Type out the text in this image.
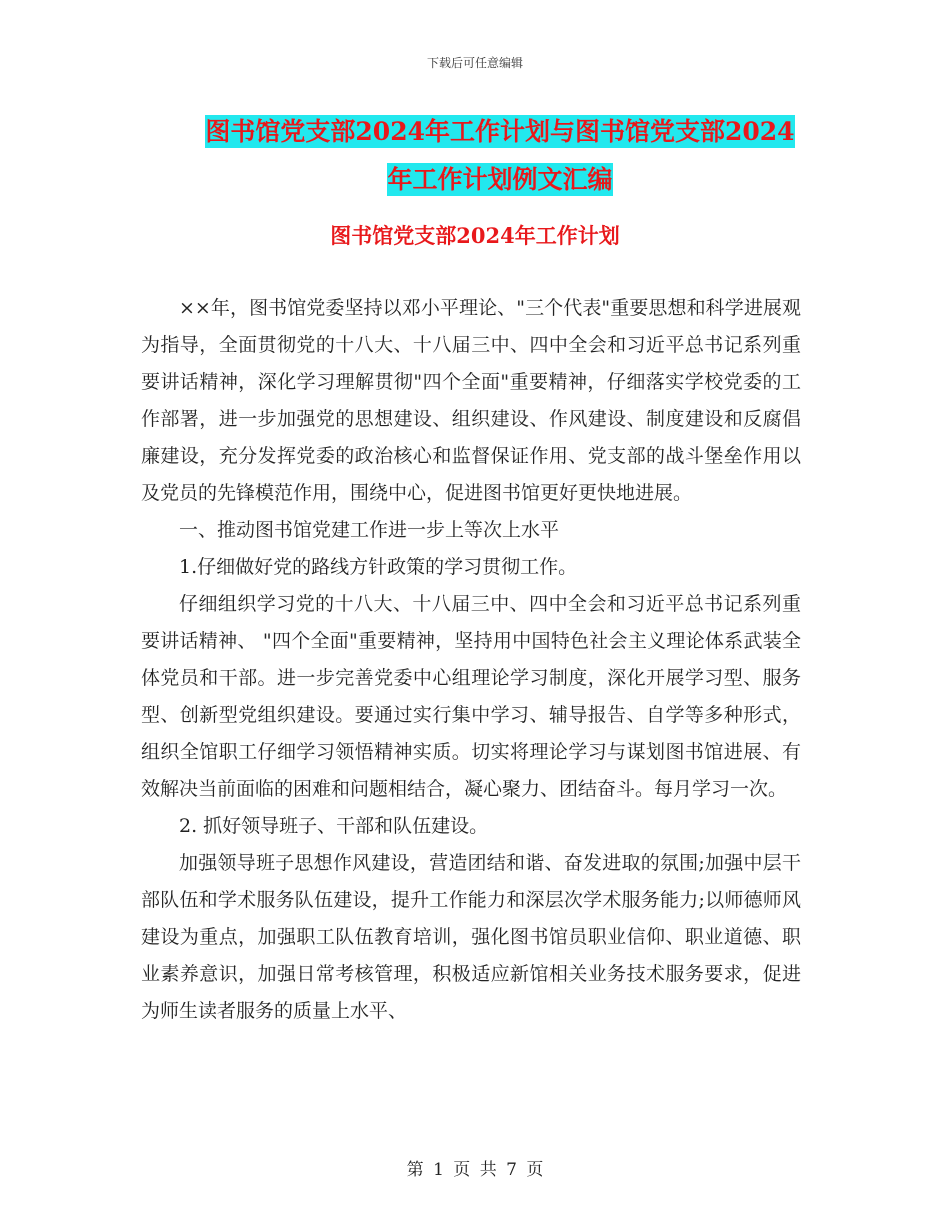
下载后可任意编辑
图书馆党支部2024年工作计划与图书馆党支部2024
年工作计划例文汇编
图书馆党支部2024年工作计划

××年，图书馆党委坚持以邓小平理论、"三个代表"重要思想和科学进展观为指导，全面贯彻党的十八大、十八届三中、四中全会和习近平总书记系列重要讲话精神，深化学习理解贯彻"四个全面"重要精神，仔细落实学校党委的工作部署，进一步加强党的思想建设、组织建设、作风建设、制度建设和反腐倡廉建设，充分发挥党委的政治核心和监督保证作用、党支部的战斗堡垒作用以及党员的先锋模范作用，围绕中心，促进图书馆更好更快地进展。

一、推动图书馆党建工作进一步上等次上水平

1.仔细做好党的路线方针政策的学习贯彻工作。

仔细组织学习党的十八大、十八届三中、四中全会和习近平总书记系列重要讲话精神、 "四个全面"重要精神，坚持用中国特色社会主义理论体系武装全体党员和干部。进一步完善党委中心组理论学习制度，深化开展学习型、服务型、创新型党组织建设。要通过实行集中学习、辅导报告、自学等多种形式，组织全馆职工仔细学习领悟精神实质。切实将理论学习与谋划图书馆进展、有效解决当前面临的困难和问题相结合，凝心聚力、团结奋斗。每月学习一次。

2. 抓好领导班子、干部和队伍建设。

加强领导班子思想作风建设，营造团结和谐、奋发进取的氛围;加强中层干部队伍和学术服务队伍建设，提升工作能力和深层次学术服务能力;以师德师风建设为重点，加强职工队伍教育培训，强化图书馆员职业信仰、职业道德、职业素养意识，加强日常考核管理，积极适应新馆相关业务技术服务要求，促进为师生读者服务的质量上水平、

第 1 页 共 7 页
